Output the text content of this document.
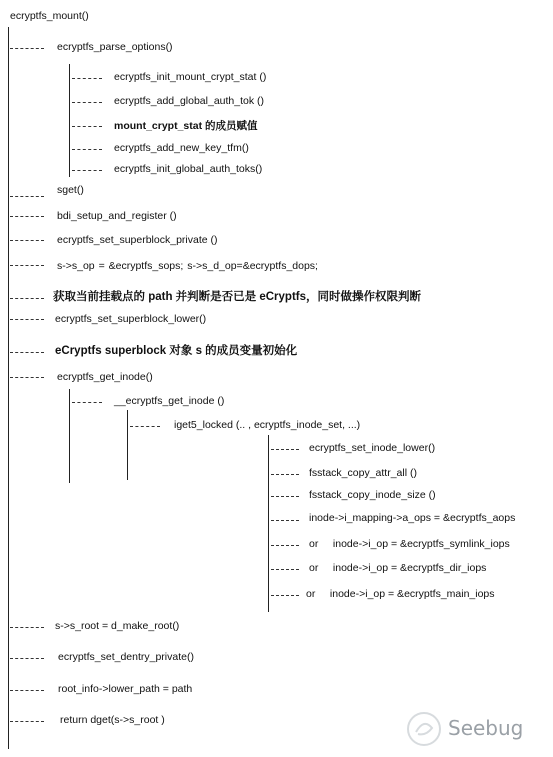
ecryptfs_mount()
ecryptfs_parse_options()
sget()
bdi_setup_and_register ()
ecryptfs_set_superblock_private ()
s->s_op = &ecryptfs_sops; s->s_d_op=&ecryptfs_dops;
获取当前挂载点的 path 并判断是否已是 eCryptfs，同时做操作权限判断
ecryptfs_set_superblock_lower()
eCryptfs superblock 对象 s 的成员变量初始化
ecryptfs_get_inode()
s->s_root = d_make_root()
ecryptfs_set_dentry_private()
root_info->lower_path = path
return dget(s->s_root )
ecryptfs_init_mount_crypt_stat ()
ecryptfs_add_global_auth_tok ()
mount_crypt_stat 的成员赋值
ecryptfs_add_new_key_tfm()
ecryptfs_init_global_auth_toks()
__ecryptfs_get_inode ()
iget5_locked (.. , ecryptfs_inode_set, ...)
ecryptfs_set_inode_lower()
fsstack_copy_attr_all ()
fsstack_copy_inode_size ()
inode->i_mapping->a_ops = &ecryptfs_aops
or     inode->i_op = &ecryptfs_symlink_iops
or     inode->i_op = &ecryptfs_dir_iops
or     inode->i_op = &ecryptfs_main_iops
Seebug
